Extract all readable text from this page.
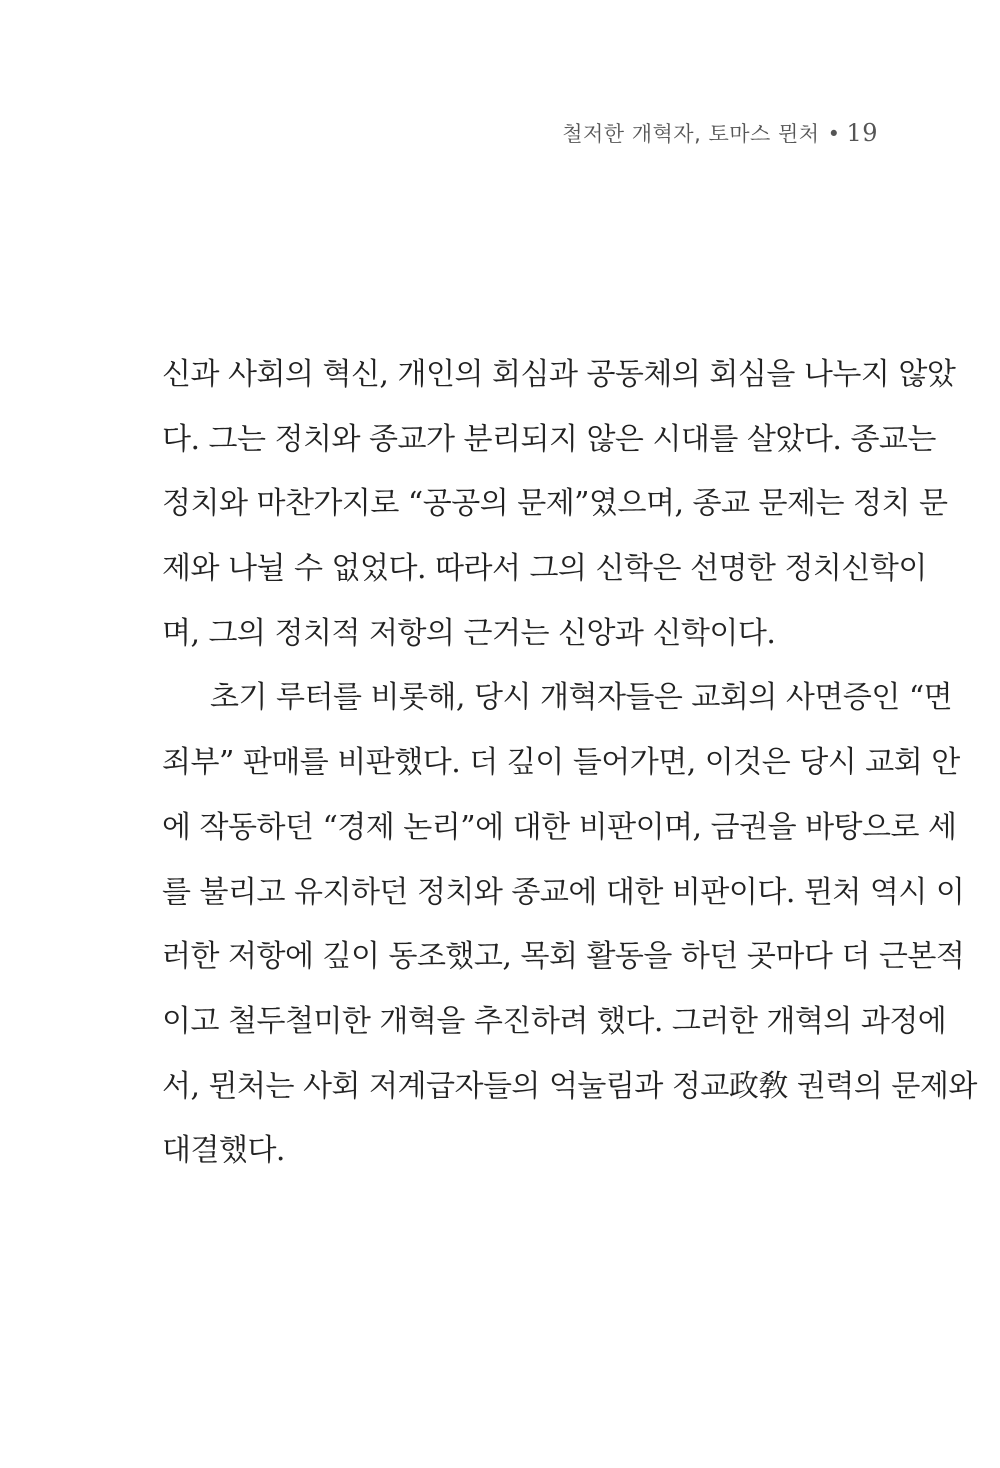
철저한 개혁자, 토마스 뮌처 • 19
신과 사회의 혁신, 개인의 회심과 공동체의 회심을 나누지 않았
다. 그는 정치와 종교가 분리되지 않은 시대를 살았다. 종교는
정치와 마찬가지로 “공공의 문제”였으며, 종교 문제는 정치 문
제와 나뉠 수 없었다. 따라서 그의 신학은 선명한 정치신학이
며, 그의 정치적 저항의 근거는 신앙과 신학이다.
초기 루터를 비롯해, 당시 개혁자들은 교회의 사면증인 “면
죄부” 판매를 비판했다. 더 깊이 들어가면, 이것은 당시 교회 안
에 작동하던 “경제 논리”에 대한 비판이며, 금권을 바탕으로 세
를 불리고 유지하던 정치와 종교에 대한 비판이다. 뮌처 역시 이
러한 저항에 깊이 동조했고, 목회 활동을 하던 곳마다 더 근본적
이고 철두철미한 개혁을 추진하려 했다. 그러한 개혁의 과정에
서, 뮌처는 사회 저계급자들의 억눌림과 정교政敎 권력의 문제와
대결했다.
